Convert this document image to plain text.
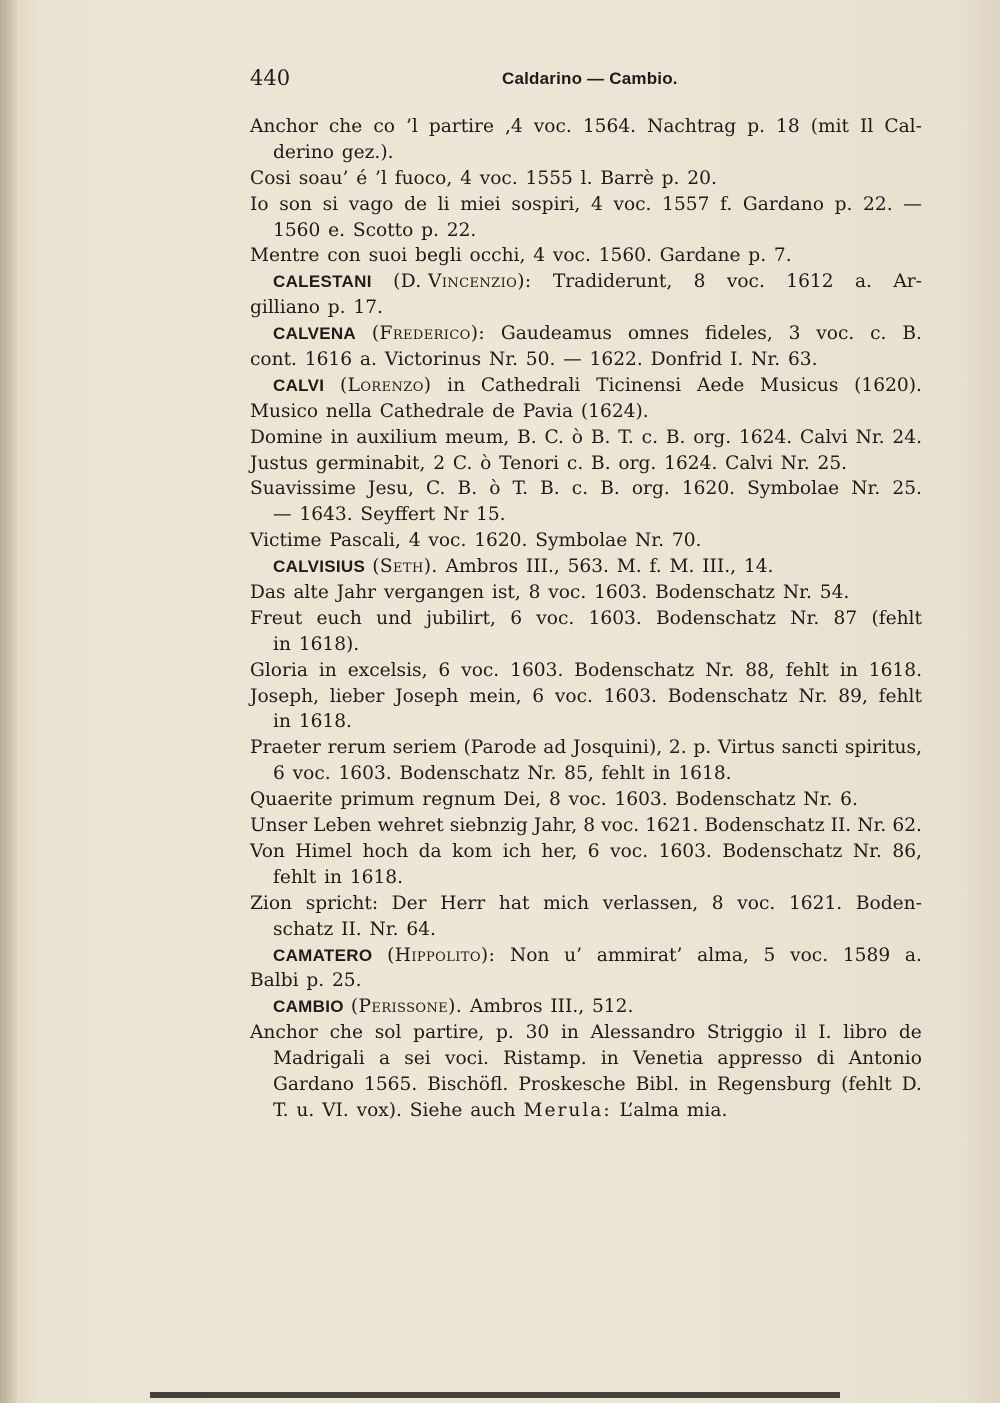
440	Caldarino — Cambio.
Anchor che co ’l partire ,4 voc. 1564. Nachtrag p. 18 (mit Il Cal-
derino gez.).
Cosi soau’ é ’l fuoco, 4 voc. 1555 l. Barrè p. 20.
Io son si vago de li miei sospiri, 4 voc. 1557 f. Gardano p. 22. —
1560 e. Scotto p. 22.
Mentre con suoi begli occhi, 4 voc. 1560. Gardane p. 7.
CALESTANI (D. Vincenzio): Tradiderunt, 8 voc. 1612 a. Ar-
gilliano p. 17.
CALVENA (Frederico): Gaudeamus omnes fideles, 3 voc. c. B.
cont. 1616 a. Victorinus Nr. 50. — 1622. Donfrid I. Nr. 63.
CALVI (Lorenzo) in Cathedrali Ticinensi Aede Musicus (1620).
Musico nella Cathedrale de Pavia (1624).
Domine in auxilium meum, B. C. ò B. T. c. B. org. 1624. Calvi Nr. 24.
Justus germinabit, 2 C. ò Tenori c. B. org. 1624. Calvi Nr. 25.
Suavissime Jesu, C. B. ò T. B. c. B. org. 1620. Symbolae Nr. 25.
— 1643. Seyffert Nr 15.
Victime Pascali, 4 voc. 1620. Symbolae Nr. 70.
CALVISIUS (Seth). Ambros III., 563. M. f. M. III., 14.
Das alte Jahr vergangen ist, 8 voc. 1603. Bodenschatz Nr. 54.
Freut euch und jubilirt, 6 voc. 1603. Bodenschatz Nr. 87 (fehlt
in 1618).
Gloria in excelsis, 6 voc. 1603. Bodenschatz Nr. 88, fehlt in 1618.
Joseph, lieber Joseph mein, 6 voc. 1603. Bodenschatz Nr. 89, fehlt
in 1618.
Praeter rerum seriem (Parode ad Josquini), 2. p. Virtus sancti spiritus,
6 voc. 1603. Bodenschatz Nr. 85, fehlt in 1618.
Quaerite primum regnum Dei, 8 voc. 1603. Bodenschatz Nr. 6.
Unser Leben wehret siebnzig Jahr, 8 voc. 1621. Bodenschatz II. Nr. 62.
Von Himel hoch da kom ich her, 6 voc. 1603. Bodenschatz Nr. 86,
fehlt in 1618.
Zion spricht: Der Herr hat mich verlassen, 8 voc. 1621. Boden-
schatz II. Nr. 64.
CAMATERO (Hippolito): Non u’ ammirat’ alma, 5 voc. 1589 a.
Balbi p. 25.
CAMBIO (Perissone). Ambros III., 512.
Anchor che sol partire, p. 30 in Alessandro Striggio il I. libro de
Madrigali a sei voci. Ristamp. in Venetia appresso di Antonio
Gardano 1565. Bischöfl. Proskesche Bibl. in Regensburg (fehlt D.
T. u. VI. vox). Siehe auch Merula: L’alma mia.
